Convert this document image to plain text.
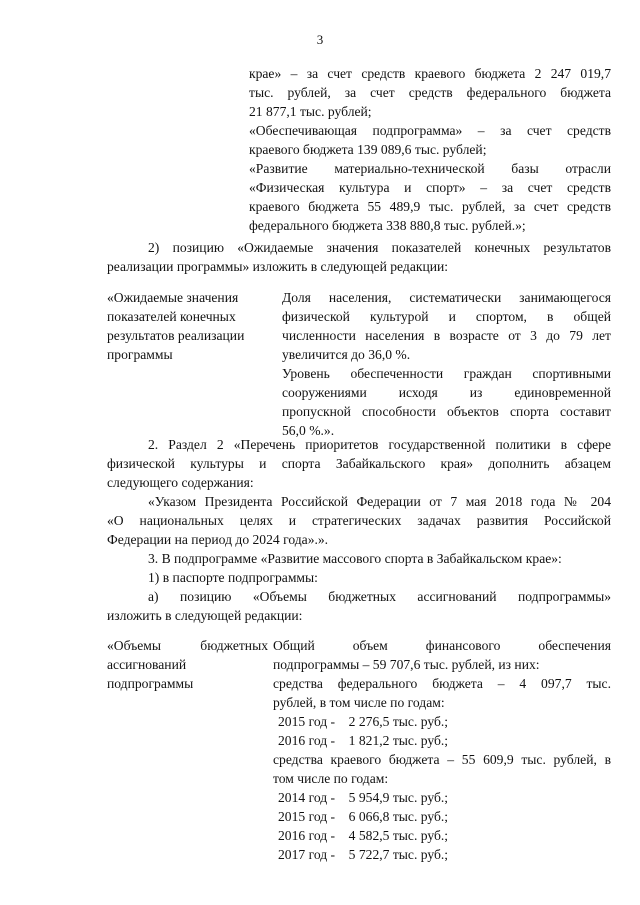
3
крае» – за счет средств краевого бюджета 2 247 019,7
тыс. рублей, за счет средств федерального бюджета
21 877,1 тыс. рублей;
«Обеспечивающая подпрограмма» – за счет средств
краевого бюджета 139 089,6 тыс. рублей;
«Развитие материально-технической базы отрасли
«Физическая культура и спорт» – за счет средств
краевого бюджета 55 489,9 тыс. рублей, за счет средств
федерального бюджета 338 880,8 тыс. рублей.»;
2) позицию «Ожидаемые значения показателей конечных результатов
реализации программы» изложить в следующей редакции:
«Ожидаемые значения
показателей конечных
результатов реализации
программы
Доля населения, систематически занимающегося
физической культурой и спортом, в общей
численности населения в возрасте от 3 до 79 лет
увеличится до 36,0 %.
Уровень обеспеченности граждан спортивными
сооружениями исходя из единовременной
пропускной способности объектов спорта составит
56,0 %.».
2. Раздел 2 «Перечень приоритетов государственной политики в сфере
физической культуры и спорта Забайкальского края» дополнить абзацем
следующего содержания:
«Указом Президента Российской Федерации от 7 мая 2018 года № 204
«О национальных целях и стратегических задачах развития Российской
Федерации на период до 2024 года».».
3. В подпрограмме «Развитие массового спорта в Забайкальском крае»:
1) в паспорте подпрограммы:
а) позицию «Объемы бюджетных ассигнований подпрограммы»
изложить в следующей редакции:
«Объемы бюджетных
ассигнований
подпрограммы
Общий объем финансового обеспечения
подпрограммы – 59 707,6 тыс. рублей, из них:
средства федерального бюджета – 4 097,7 тыс.
рублей, в том числе по годам:
2015 год -    2 276,5 тыс. руб.;
2016 год -    1 821,2 тыс. руб.;
средства краевого бюджета – 55 609,9 тыс. рублей, в
том числе по годам:
2014 год -    5 954,9 тыс. руб.;
2015 год -    6 066,8 тыс. руб.;
2016 год -    4 582,5 тыс. руб.;
2017 год -    5 722,7 тыс. руб.;
